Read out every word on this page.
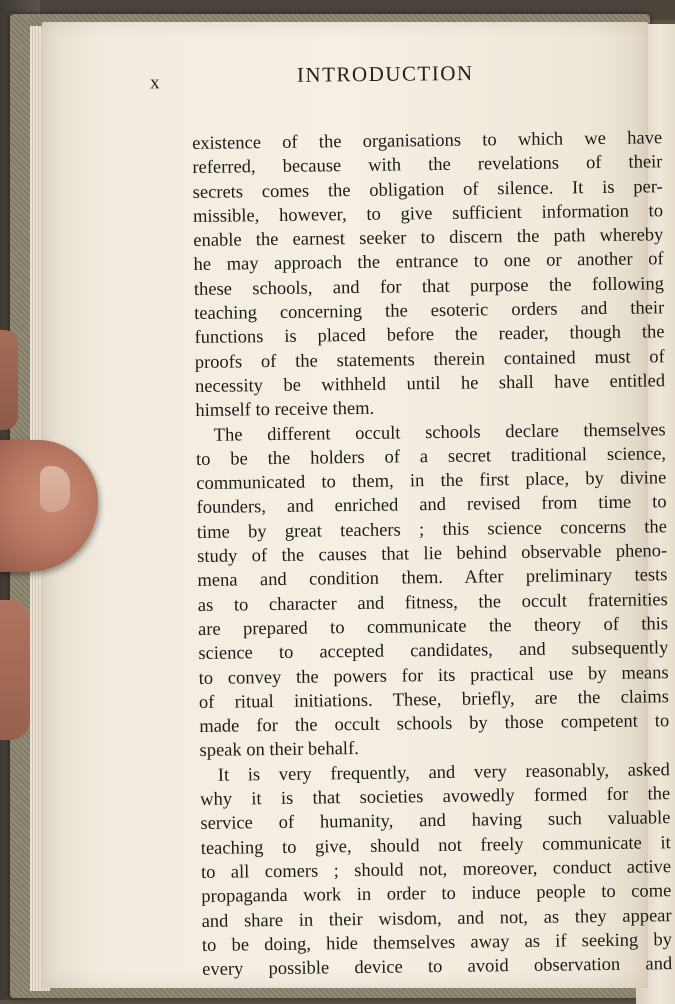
x	INTRODUCTION
existence of the organisations to which we have
referred, because with the revelations of their
secrets comes the obligation of silence. It is per-
missible, however, to give sufficient information to
enable the earnest seeker to discern the path whereby
he may approach the entrance to one or another of
these schools, and for that purpose the following
teaching concerning the esoteric orders and their
functions is placed before the reader, though the
proofs of the statements therein contained must of
necessity be withheld until he shall have entitled
himself to receive them.
The different occult schools declare themselves
to be the holders of a secret traditional science,
communicated to them, in the first place, by divine
founders, and enriched and revised from time to
time by great teachers ; this science concerns the
study of the causes that lie behind observable pheno-
mena and condition them. After preliminary tests
as to character and fitness, the occult fraternities
are prepared to communicate the theory of this
science to accepted candidates, and subsequently
to convey the powers for its practical use by means
of ritual initiations. These, briefly, are the claims
made for the occult schools by those competent to
speak on their behalf.
It is very frequently, and very reasonably, asked
why it is that societies avowedly formed for the
service of humanity, and having such valuable
teaching to give, should not freely communicate it
to all comers ; should not, moreover, conduct active
propaganda work in order to induce people to come
and share in their wisdom, and not, as they appear
to be doing, hide themselves away as if seeking by
every possible device to avoid observation and
